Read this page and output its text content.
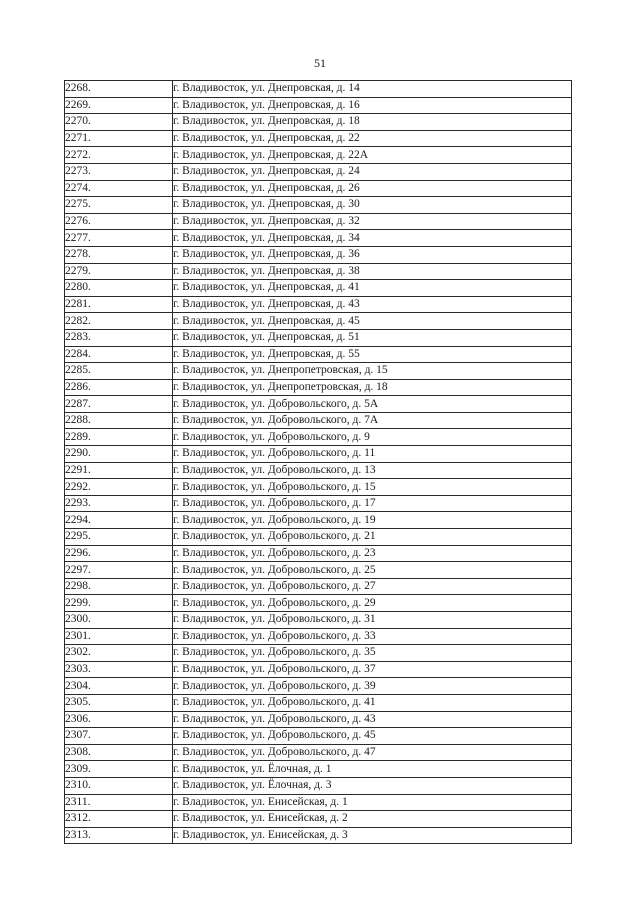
51
2268.	г. Владивосток, ул. Днепровская, д. 14
2269.	г. Владивосток, ул. Днепровская, д. 16
2270.	г. Владивосток, ул. Днепровская, д. 18
2271.	г. Владивосток, ул. Днепровская, д. 22
2272.	г. Владивосток, ул. Днепровская, д. 22А
2273.	г. Владивосток, ул. Днепровская, д. 24
2274.	г. Владивосток, ул. Днепровская, д. 26
2275.	г. Владивосток, ул. Днепровская, д. 30
2276.	г. Владивосток, ул. Днепровская, д. 32
2277.	г. Владивосток, ул. Днепровская, д. 34
2278.	г. Владивосток, ул. Днепровская, д. 36
2279.	г. Владивосток, ул. Днепровская, д. 38
2280.	г. Владивосток, ул. Днепровская, д. 41
2281.	г. Владивосток, ул. Днепровская, д. 43
2282.	г. Владивосток, ул. Днепровская, д. 45
2283.	г. Владивосток, ул. Днепровская, д. 51
2284.	г. Владивосток, ул. Днепровская, д. 55
2285.	г. Владивосток, ул. Днепропетровская, д. 15
2286.	г. Владивосток, ул. Днепропетровская, д. 18
2287.	г. Владивосток, ул. Добровольского, д. 5А
2288.	г. Владивосток, ул. Добровольского, д. 7А
2289.	г. Владивосток, ул. Добровольского, д. 9
2290.	г. Владивосток, ул. Добровольского, д. 11
2291.	г. Владивосток, ул. Добровольского, д. 13
2292.	г. Владивосток, ул. Добровольского, д. 15
2293.	г. Владивосток, ул. Добровольского, д. 17
2294.	г. Владивосток, ул. Добровольского, д. 19
2295.	г. Владивосток, ул. Добровольского, д. 21
2296.	г. Владивосток, ул. Добровольского, д. 23
2297.	г. Владивосток, ул. Добровольского, д. 25
2298.	г. Владивосток, ул. Добровольского, д. 27
2299.	г. Владивосток, ул. Добровольского, д. 29
2300.	г. Владивосток, ул. Добровольского, д. 31
2301.	г. Владивосток, ул. Добровольского, д. 33
2302.	г. Владивосток, ул. Добровольского, д. 35
2303.	г. Владивосток, ул. Добровольского, д. 37
2304.	г. Владивосток, ул. Добровольского, д. 39
2305.	г. Владивосток, ул. Добровольского, д. 41
2306.	г. Владивосток, ул. Добровольского, д. 43
2307.	г. Владивосток, ул. Добровольского, д. 45
2308.	г. Владивосток, ул. Добровольского, д. 47
2309.	г. Владивосток, ул. Ёлочная, д. 1
2310.	г. Владивосток, ул. Ёлочная, д. 3
2311.	г. Владивосток, ул. Енисейская, д. 1
2312.	г. Владивосток, ул. Енисейская, д. 2
2313.	г. Владивосток, ул. Енисейская, д. 3
